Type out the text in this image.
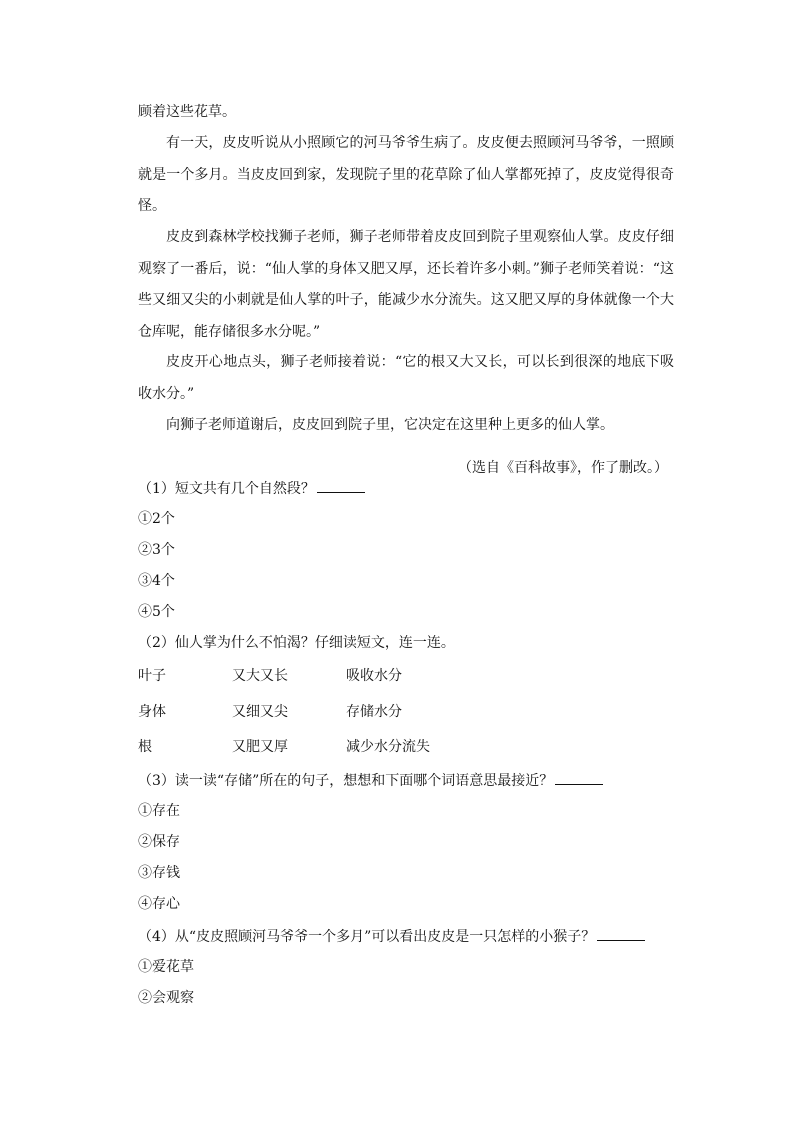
顾着这些花草。

有一天，皮皮听说从小照顾它的河马爷爷生病了。皮皮便去照顾河马爷爷，一照顾就是一个多月。当皮皮回到家，发现院子里的花草除了仙人掌都死掉了，皮皮觉得很奇怪。

皮皮到森林学校找狮子老师，狮子老师带着皮皮回到院子里观察仙人掌。皮皮仔细观察了一番后，说：“仙人掌的身体又肥又厚，还长着许多小刺。”狮子老师笑着说：“这些又细又尖的小刺就是仙人掌的叶子，能减少水分流失。这又肥又厚的身体就像一个大仓库呢，能存储很多水分呢。”

皮皮开心地点头，狮子老师接着说：“它的根又大又长，可以长到很深的地底下吸收水分。”

向狮子老师道谢后，皮皮回到院子里，它决定在这里种上更多的仙人掌。

（选自《百科故事》，作了删改。）

（1）短文共有几个自然段？

①2个

②3个

③4个

④5个

（2）仙人掌为什么不怕渴？仔细读短文，连一连。

叶子	又大又长	吸收水分
身体	又细又尖	存储水分
根	又肥又厚	减少水分流失

（3）读一读“存储”所在的句子，想想和下面哪个词语意思最接近？

①存在

②保存

③存钱

④存心

（4）从“皮皮照顾河马爷爷一个多月”可以看出皮皮是一只怎样的小猴子？

①爱花草

②会观察
